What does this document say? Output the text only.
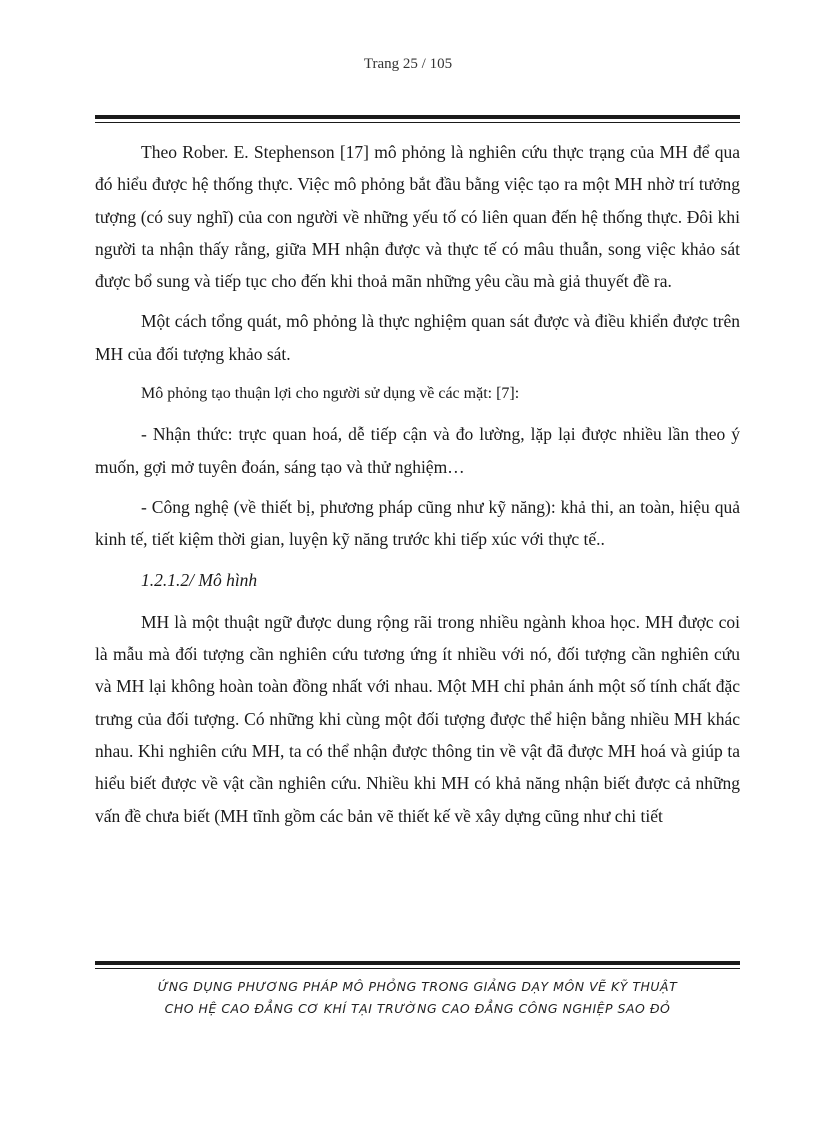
Trang 25 / 105

Theo Rober. E. Stephenson [17] mô phỏng là nghiên cứu thực trạng của MH để qua đó hiểu được hệ thống thực. Việc mô phỏng bắt đầu bằng việc tạo ra một MH nhờ trí tưởng tượng (có suy nghĩ) của con người về những yếu tố có liên quan đến hệ thống thực. Đôi khi người ta nhận thấy rằng, giữa MH nhận được và thực tế có mâu thuẫn, song việc khảo sát được bổ sung và tiếp tục cho đến khi thoả mãn những yêu cầu mà giả thuyết đề ra.

Một cách tổng quát, mô phỏng là thực nghiệm quan sát được và điều khiển được trên MH của đối tượng khảo sát.

Mô phỏng tạo thuận lợi cho người sử dụng về các mặt: [7]:

- Nhận thức: trực quan hoá, dễ tiếp cận và đo lường, lặp lại được nhiều lần theo ý muốn, gợi mở tuyên đoán, sáng tạo và thử nghiệm…

- Công nghệ (về thiết bị, phương pháp cũng như kỹ năng): khả thi, an toàn, hiệu quả kinh tế, tiết kiệm thời gian, luyện kỹ năng trước khi tiếp xúc với thực tế..

1.2.1.2/ Mô hình

MH là một thuật ngữ được dung rộng rãi trong nhiều ngành khoa học. MH được coi là mẫu mà đối tượng cần nghiên cứu tương ứng ít nhiều với nó, đối tượng cần nghiên cứu và MH lại không hoàn toàn đồng nhất với nhau. Một MH chỉ phản ánh một số tính chất đặc trưng của đối tượng. Có những khi cùng một đối tượng được thể hiện bằng nhiều MH khác nhau. Khi nghiên cứu MH, ta có thể nhận được thông tin về vật đã được MH hoá và giúp ta hiểu biết được về vật cần nghiên cứu. Nhiều khi MH có khả năng nhận biết được cả những vấn đề chưa biết (MH tĩnh gồm các bản vẽ thiết kế về xây dựng cũng như chi tiết

ỨNG DỤNG PHƯƠNG PHÁP MÔ PHỎNG TRONG GIẢNG DẠY MÔN VẼ KỸ THUẬT
CHO HỆ CAO ĐẲNG CƠ KHÍ TẠI TRƯỜNG CAO ĐẲNG CÔNG NGHIỆP SAO ĐỎ
